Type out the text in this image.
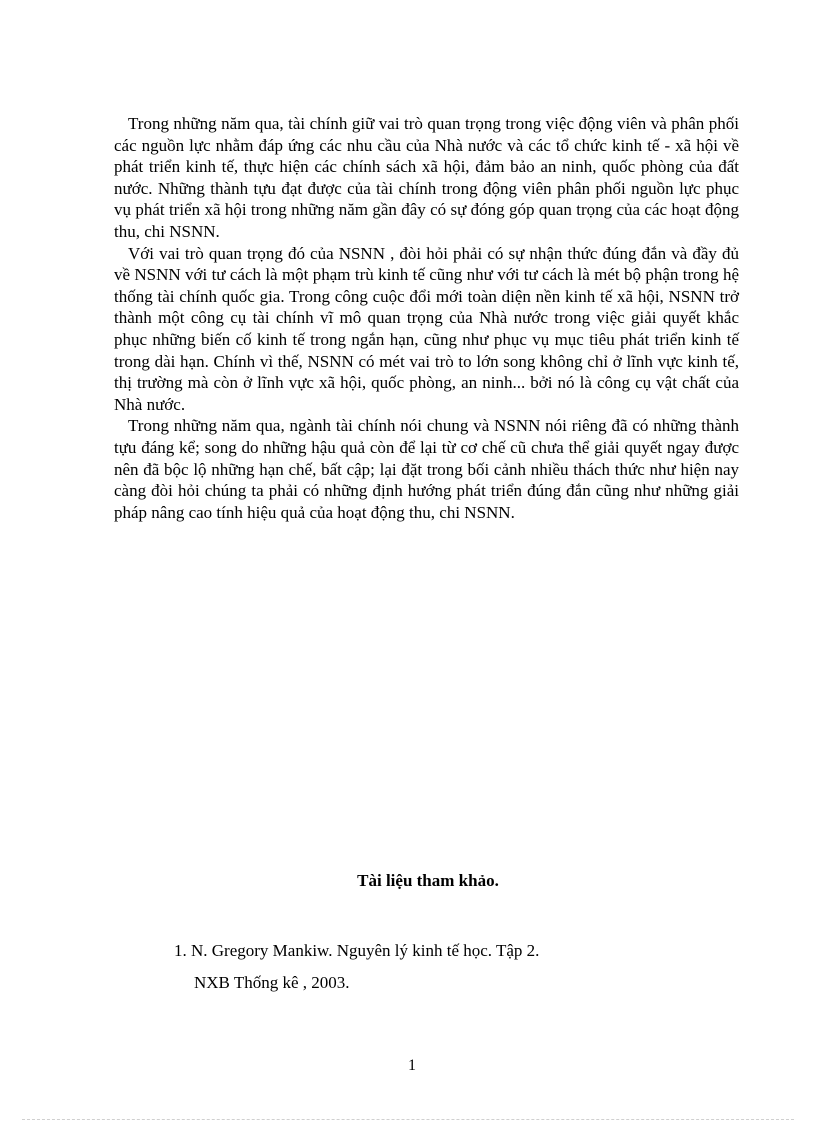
Trong những năm qua, tài chính giữ vai trò quan trọng trong việc động viên và phân phối các nguồn lực nhằm đáp ứng các nhu cầu của Nhà nước và các tổ chức kinh tế - xã hội về phát triển kinh tế, thực hiện các chính sách xã hội, đảm bảo an ninh, quốc phòng của đất nước. Những thành tựu đạt được của tài chính trong động viên phân phối nguồn lực phục vụ phát triển xã hội trong những năm gần đây có sự đóng góp quan trọng của các hoạt động thu, chi NSNN.

Với vai trò quan trọng đó của NSNN , đòi hỏi phải có sự nhận thức đúng đắn và đầy đủ về NSNN với tư cách là một phạm trù kinh tế cũng như với tư cách là mét bộ phận trong hệ thống tài chính quốc gia. Trong công cuộc đổi mới toàn diện nền kinh tế xã hội, NSNN trở thành một công cụ tài chính vĩ mô quan trọng của Nhà nước trong việc giải quyết khắc phục những biến cố kinh tế trong ngắn hạn, cũng như phục vụ mục tiêu phát triển kinh tế trong dài hạn. Chính vì thế, NSNN có mét vai trò to lớn song không chỉ ở lĩnh vực kinh tế, thị trường mà còn ở lĩnh vực xã hội, quốc phòng, an ninh... bởi nó là công cụ vật chất của Nhà nước.

Trong những năm qua, ngành tài chính nói chung và NSNN nói riêng đã có những thành tựu đáng kể; song do những hậu quả còn để lại từ cơ chế cũ chưa thể giải quyết ngay được nên đã bộc lộ những hạn chế, bất cập; lại đặt trong bối cảnh nhiều thách thức như hiện nay càng đòi hỏi chúng ta phải có những định hướng phát triển đúng đắn cũng như những giải pháp nâng cao tính hiệu quả của hoạt động thu, chi NSNN.

Tài liệu tham khảo.
1. N. Gregory Mankiw. Nguyên lý kinh tế học. Tập 2.
NXB Thống kê , 2003.
1
